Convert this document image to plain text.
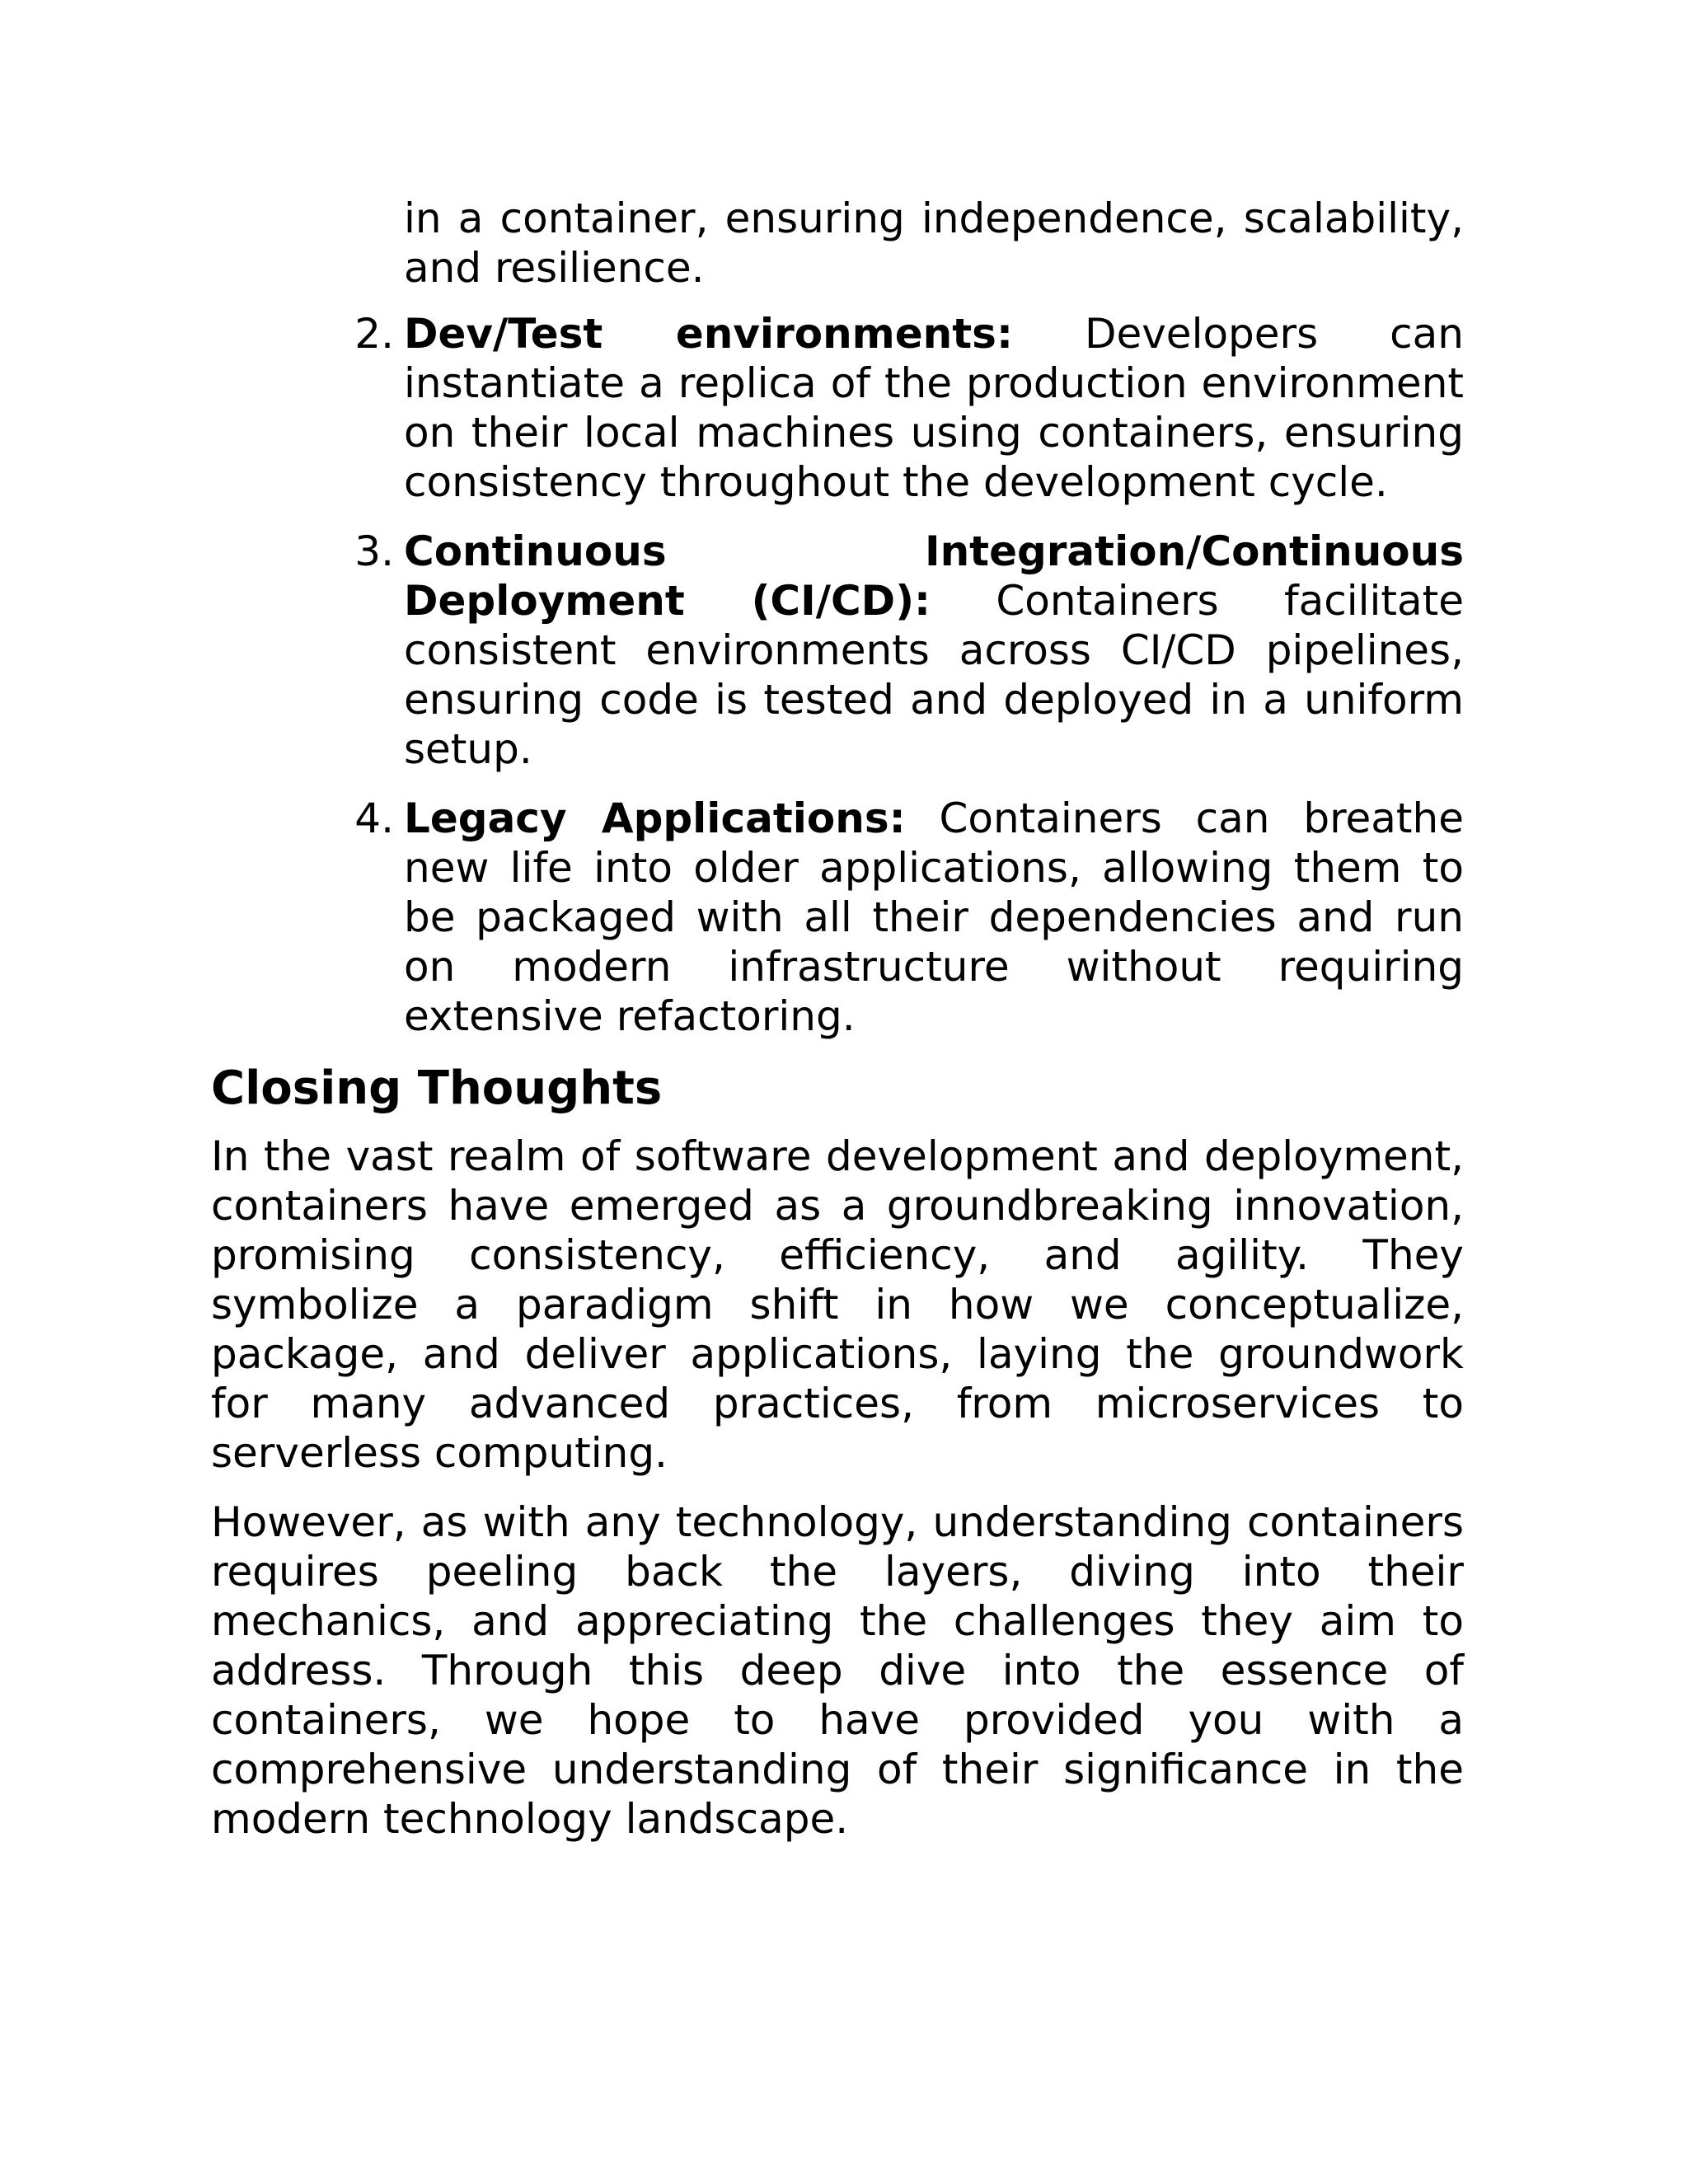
in a container, ensuring independence, scalability, and resilience.

2. Dev/Test environments: Developers can instantiate a replica of the production environment on their local machines using containers, ensuring consistency throughout the development cycle.
3. Continuous Integration/Continuous Deployment (CI/CD): Containers facilitate consistent environments across CI/CD pipelines, ensuring code is tested and deployed in a uniform setup.
4. Legacy Applications: Containers can breathe new life into older applications, allowing them to be packaged with all their dependencies and run on modern infrastructure without requiring extensive refactoring.
Closing Thoughts

In the vast realm of software development and deployment, containers have emerged as a groundbreaking innovation, promising consistency, efficiency, and agility. They symbolize a paradigm shift in how we conceptualize, package, and deliver applications, laying the groundwork for many advanced practices, from microservices to serverless computing.

However, as with any technology, understanding containers requires peeling back the layers, diving into their mechanics, and appreciating the challenges they aim to address. Through this deep dive into the essence of containers, we hope to have provided you with a comprehensive understanding of their significance in the modern technology landscape.
